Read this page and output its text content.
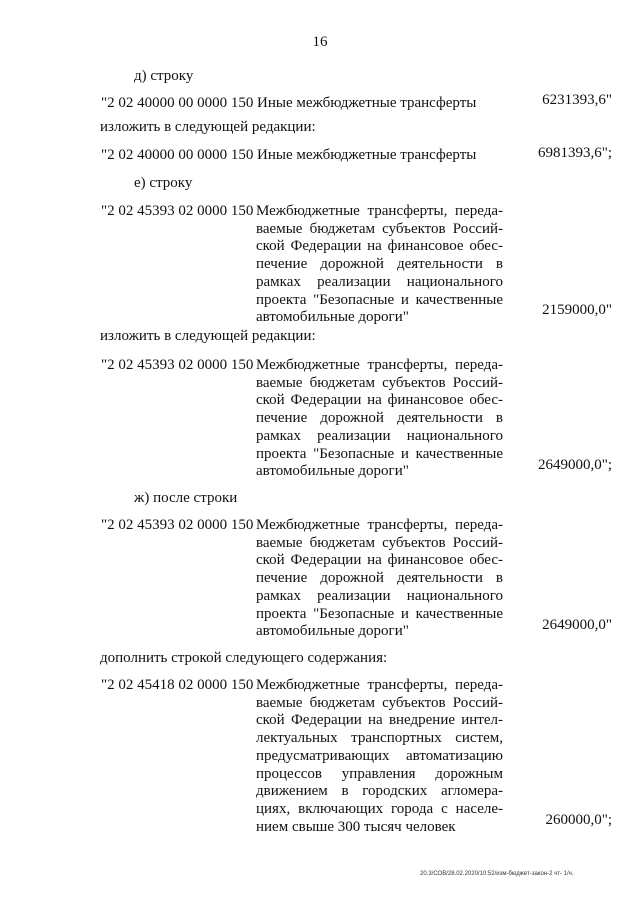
16
д) строку
"2 02 40000 00 0000 150 Иные межбюджетные трансферты	6231393,6"
изложить в следующей редакции:
"2 02 40000 00 0000 150 Иные межбюджетные трансферты	6981393,6";
е) строку
"2 02 45393 02 0000 150 Межбюджетные трансферты, переда-
ваемые бюджетам субъектов Россий-
ской Федерации на финансовое обес-
печение дорожной деятельности в
рамках реализации национального
проекта "Безопасные и качественные
автомобильные дороги"	2159000,0"
изложить в следующей редакции:
"2 02 45393 02 0000 150 Межбюджетные трансферты, переда-
ваемые бюджетам субъектов Россий-
ской Федерации на финансовое обес-
печение дорожной деятельности в
рамках реализации национального
проекта "Безопасные и качественные
автомобильные дороги"	2649000,0";
ж) после строки
"2 02 45393 02 0000 150 Межбюджетные трансферты, переда-
ваемые бюджетам субъектов Россий-
ской Федерации на финансовое обес-
печение дорожной деятельности в
рамках реализации национального
проекта "Безопасные и качественные
автомобильные дороги"	2649000,0"
дополнить строкой следующего содержания:
"2 02 45418 02 0000 150 Межбюджетные трансферты, переда-
ваемые бюджетам субъектов Россий-
ской Федерации на внедрение интел-
лектуальных транспортных систем,
предусматривающих автоматизацию
процессов управления дорожным
движением в городских агломера-
циях, включающих города с населе-
нием свыше 300 тысяч человек	260000,0";
20.3/СОВ/28.02.2020/10:52/изм-бюджет-закон-2 чт- 1/ч.
